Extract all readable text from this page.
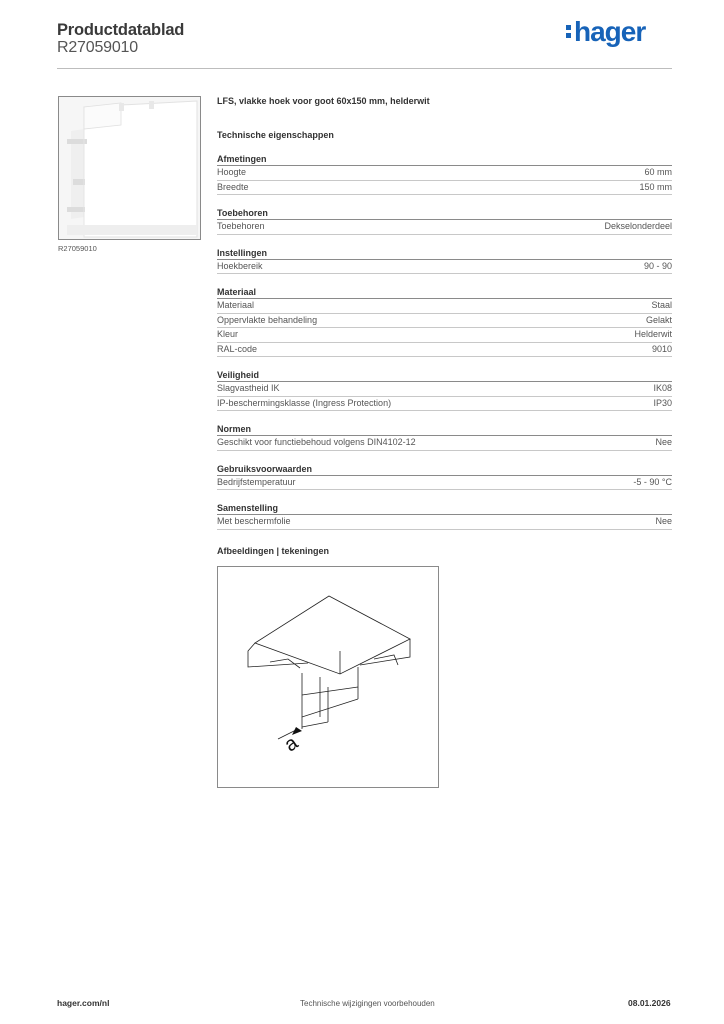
Productdatablad
R27059010
hager
R27059010
LFS, vlakke hoek voor goot 60x150 mm, helderwit
Technische eigenschappen
Afmetingen
Hoogte	60 mm
Breedte	150 mm
Toebehoren
Toebehoren	Dekselonderdeel
Instellingen
Hoekbereik	90 - 90
Materiaal
Materiaal	Staal
Oppervlakte behandeling	Gelakt
Kleur	Helderwit
RAL-code	9010
Veiligheid
Slagvastheid IK	IK08
IP-beschermingsklasse (Ingress Protection)	IP30
Normen
Geschikt voor functiebehoud volgens DIN4102-12	Nee
Gebruiksvoorwaarden
Bedrijfstemperatuur	-5 - 90 °C
Samenstelling
Met beschermfolie	Nee
Afbeeldingen | tekeningen
a
hager.com/nl	Technische wijzigingen voorbehouden	08.01.2026
